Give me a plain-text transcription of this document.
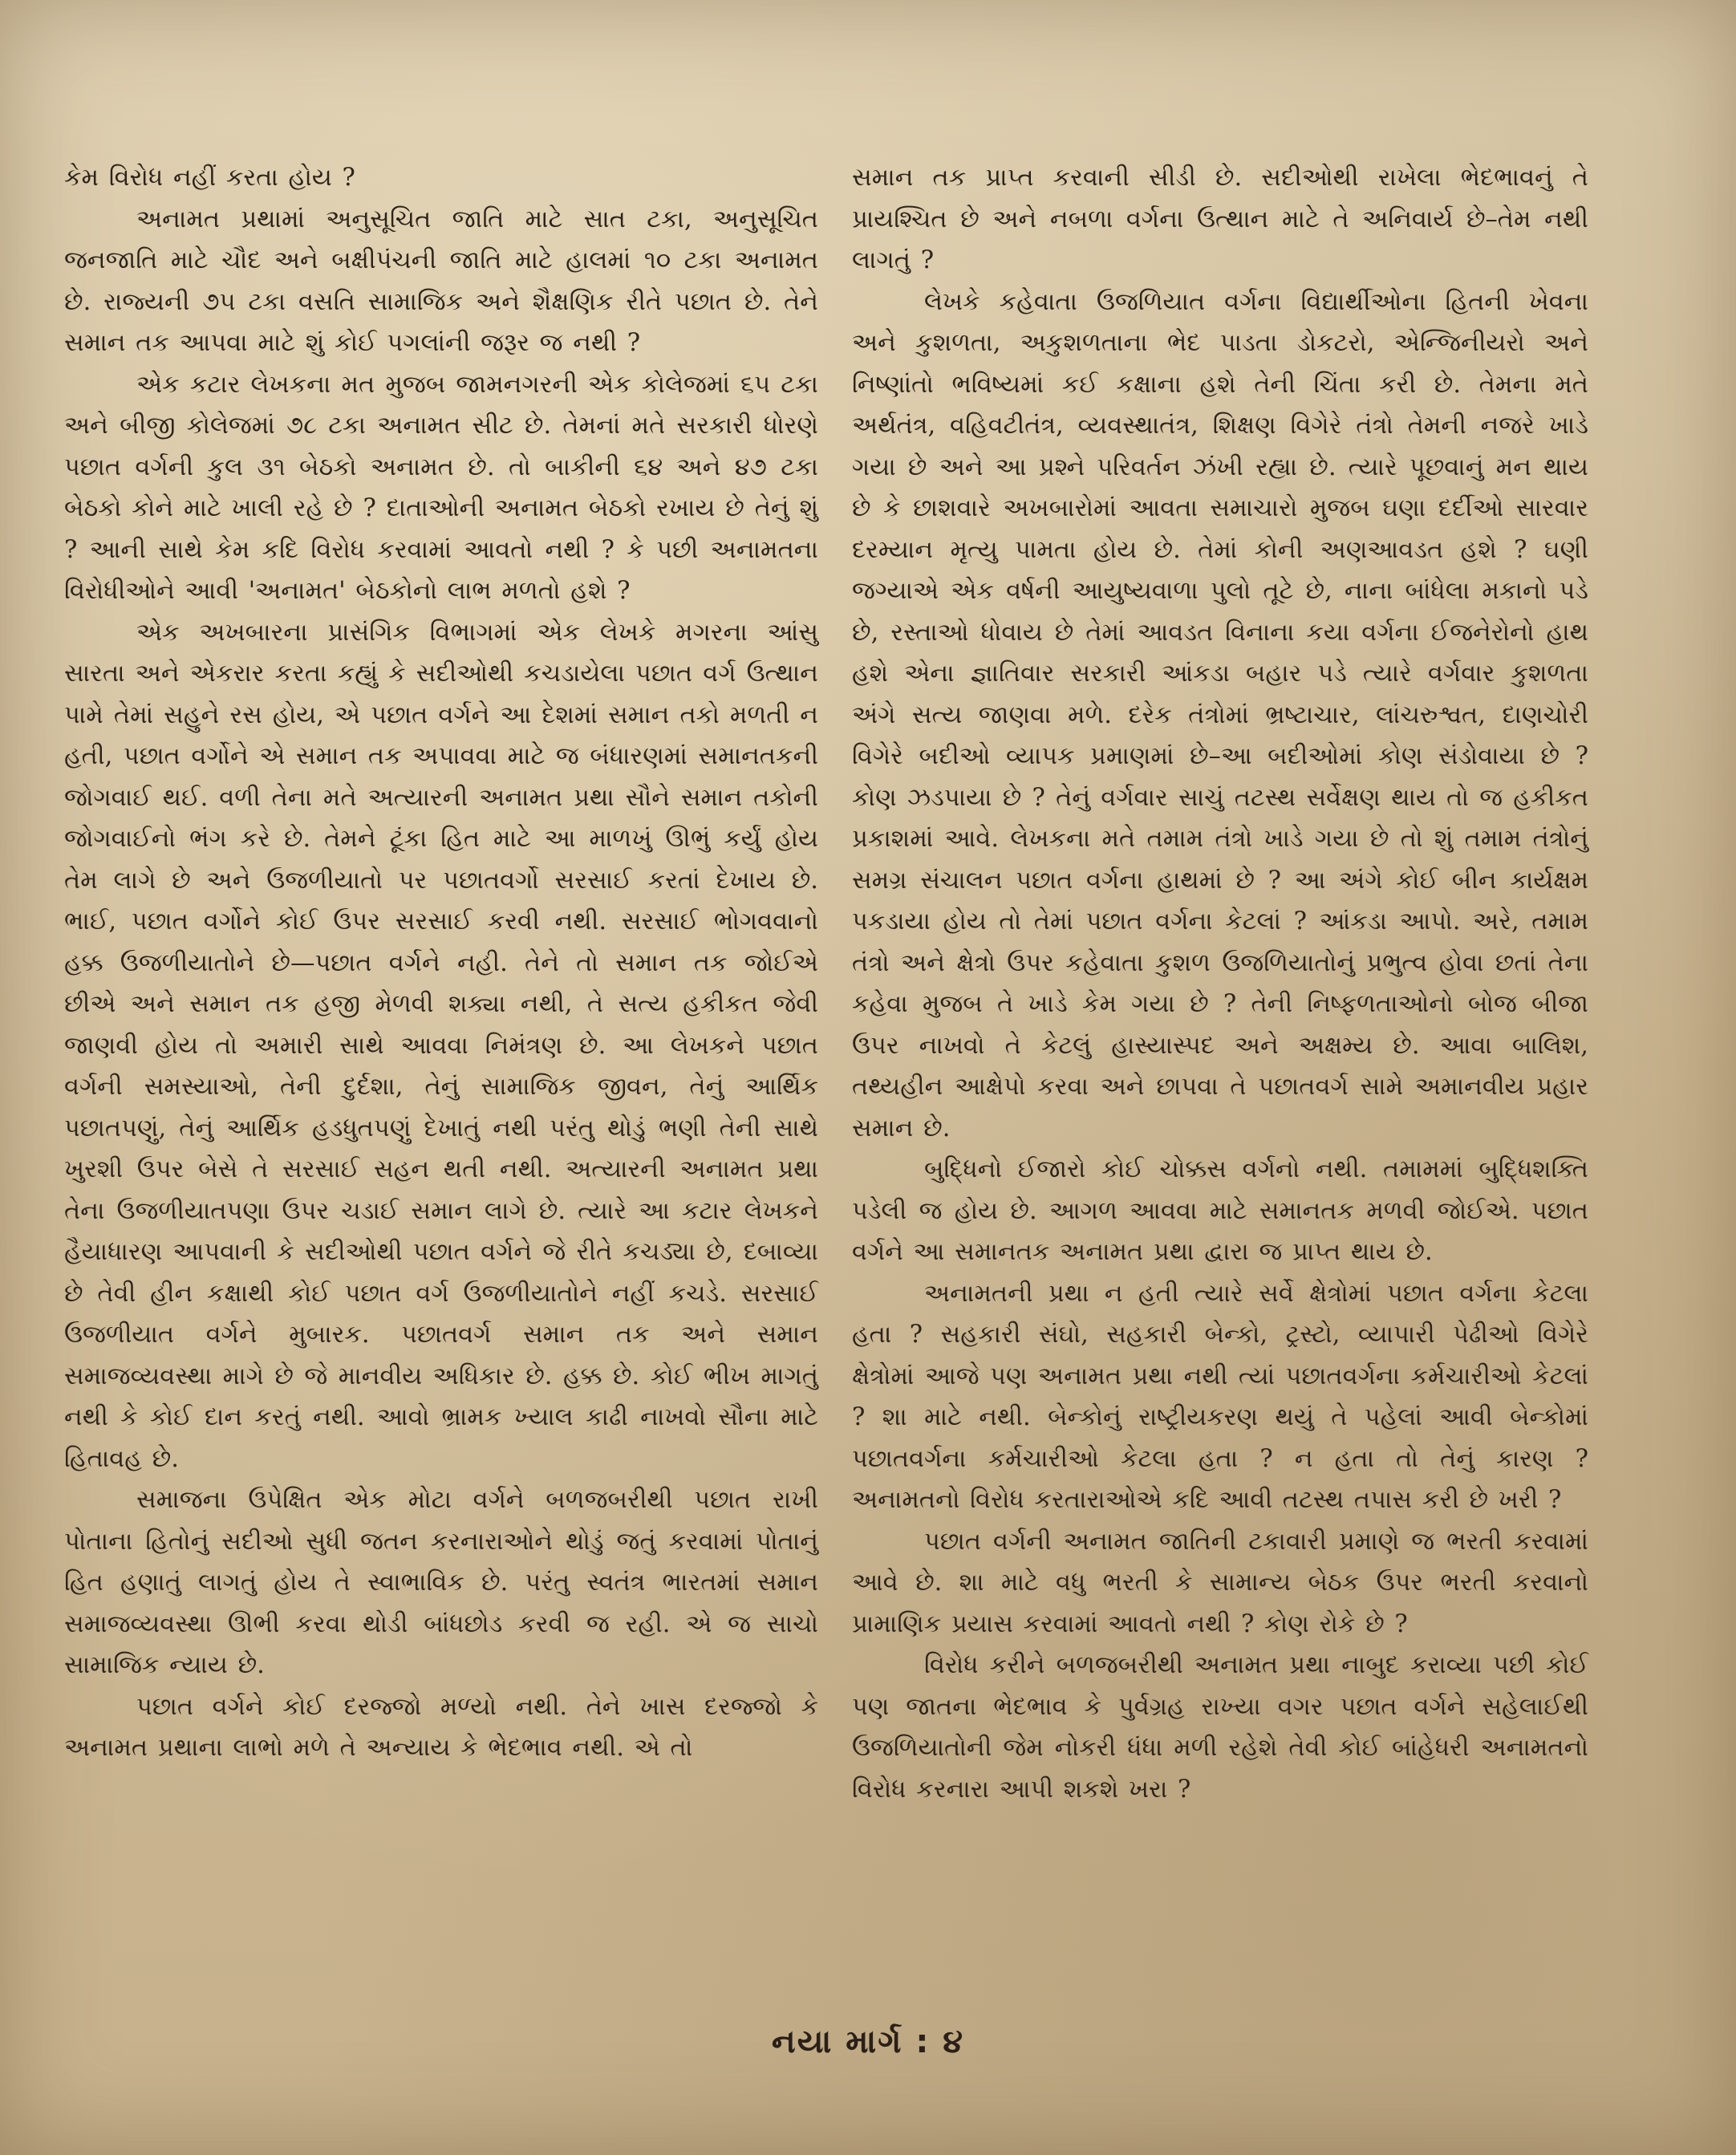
કેમ વિરોધ નહીં કરતા હોય ?

અનામત પ્રથામાં અનુસૂચિત જાતિ માટે સાત ટકા, અનુસૂચિત જનજાતિ માટે ચૌદ અને બક્ષીપંચની જાતિ માટે હાલમાં ૧૦ ટકા અનામત છે. રાજ્યની ૭૫ ટકા વસતિ સામાજિક અને શૈક્ષણિક રીતે પછાત છે. તેને સમાન તક આપવા માટે શું કોઈ પગલાંની જરૂર જ નથી ?

એક કટાર લેખકના મત મુજબ જામનગરની એક કોલેજમાં ૬૫ ટકા અને બીજી કોલેજમાં ૭૮ ટકા અનામત સીટ છે. તેમનાં મતે સરકારી ધોરણે પછાત વર્ગની કુલ ૩૧ બેઠકો અનામત છે. તો બાકીની ૬૪ અને ૪૭ ટકા બેઠકો કોને માટે ખાલી રહે છે ? દાતાઓની અનામત બેઠકો રખાય છે તેનું શું ? આની સાથે કેમ કદિ વિરોધ કરવામાં આવતો નથી ? કે પછી અનામતના વિરોધીઓને આવી 'અનામત' બેઠકોનો લાભ મળતો હશે ?

એક અખબારના પ્રાસંગિક વિભાગમાં એક લેખકે મગરના આંસુ સારતા અને એકરાર કરતા કહ્યું કે સદીઓથી કચડાયેલા પછાત વર્ગ ઉત્થાન પામે તેમાં સહુને રસ હોય, એ પછાત વર્ગને આ દેશમાં સમાન તકો મળતી ન હતી, પછાત વર્ગોને એ સમાન તક અપાવવા માટે જ બંધારણમાં સમાનતકની જોગવાઈ થઈ. વળી તેના મતે અત્યારની અનામત પ્રથા સૌને સમાન તકોની જોગવાઈનો ભંગ કરે છે. તેમને ટૂંકા હિત માટે આ માળખું ઊભું કર્યું હોય તેમ લાગે છે અને ઉજળીયાતો પર પછાતવર્ગો સરસાઈ કરતાં દેખાય છે. ભાઈ, પછાત વર્ગોને કોઈ ઉપર સરસાઈ કરવી નથી. સરસાઈ ભોગવવાનો હક્ક ઉજળીયાતોને છે—પછાત વર્ગને નહી. તેને તો સમાન તક જોઈએ છીએ અને સમાન તક હજી મેળવી શક્યા નથી, તે સત્ય હકીકત જેવી જાણવી હોય તો અમારી સાથે આવવા નિમંત્રણ છે. આ લેખકને પછાત વર્ગની સમસ્યાઓ, તેની દુર્દશા, તેનું સામાજિક જીવન, તેનું આર્થિક પછાતપણું, તેનું આર્થિક હડધુતપણું દેખાતું નથી પરંતુ થોડું ભણી તેની સાથે ખુરશી ઉપર બેસે તે સરસાઈ સહન થતી નથી. અત્યારની અનામત પ્રથા તેના ઉજળીયાતપણા ઉપર ચડાઈ સમાન લાગે છે. ત્યારે આ કટાર લેખકને હૈયાધારણ આપવાની કે સદીઓથી પછાત વર્ગને જે રીતે કચડ્યા છે, દબાવ્યા છે તેવી હીન કક્ષાથી કોઈ પછાત વર્ગ ઉજળીયાતોને નહીં કચડે. સરસાઈ ઉજળીયાત વર્ગને મુબારક. પછાતવર્ગ સમાન તક અને સમાન સમાજવ્યવસ્થા માગે છે જે માનવીય અધિકાર છે. હક્ક છે. કોઈ ભીખ માગતું નથી કે કોઈ દાન કરતું નથી. આવો ભ્રામક ખ્યાલ કાઢી નાખવો સૌના માટે હિતાવહ છે.

સમાજના ઉપેક્ષિત એક મોટા વર્ગને બળજબરીથી પછાત રાખી પોતાના હિતોનું સદીઓ સુધી જતન કરનારાઓને થોડું જતું કરવામાં પોતાનું હિત હણાતું લાગતું હોય તે સ્વાભાવિક છે. પરંતુ સ્વતંત્ર ભારતમાં સમાન સમાજવ્યવસ્થા ઊભી કરવા થોડી બાંધછોડ કરવી જ રહી. એ જ સાચો સામાજિક ન્યાય છે.

પછાત વર્ગને કોઈ દરજ્જો મળ્યો નથી. તેને ખાસ દરજ્જો કે અનામત પ્રથાના લાભો મળે તે અન્યાય કે ભેદભાવ નથી. એ તો

સમાન તક પ્રાપ્ત કરવાની સીડી છે. સદીઓથી રાખેલા ભેદભાવનું તે પ્રાયશ્ચિત છે અને નબળા વર્ગના ઉત્થાન માટે તે અનિવાર્ય છે–તેમ નથી લાગતું ?

લેખકે કહેવાતા ઉજળિયાત વર્ગના વિદ્યાર્થીઓના હિતની ખેવના અને કુશળતા, અકુશળતાના ભેદ પાડતા ડોકટરો, એન્જિનીયરો અને નિષ્ણાંતો ભવિષ્યમાં કઈ કક્ષાના હશે તેની ચિંતા કરી છે. તેમના મતે અર્થતંત્ર, વહિવટીતંત્ર, વ્યવસ્થાતંત્ર, શિક્ષણ વિગેરે તંત્રો તેમની નજરે ખાડે ગયા છે અને આ પ્રશ્ને પરિવર્તન ઝંખી રહ્યા છે. ત્યારે પૂછવાનું મન થાય છે કે છાશવારે અખબારોમાં આવતા સમાચારો મુજબ ઘણા દર્દીઓ સારવાર દરમ્યાન મૃત્યુ પામતા હોય છે. તેમાં કોની અણઆવડત હશે ? ઘણી જગ્યાએ એક વર્ષની આયુષ્યવાળા પુલો તૂટે છે, નાના બાંધેલા મકાનો પડે છે, રસ્તાઓ ધોવાય છે તેમાં આવડત વિનાના કયા વર્ગના ઈજનેરોનો હાથ હશે એના જ્ઞાતિવાર સરકારી આંકડા બહાર પડે ત્યારે વર્ગવાર કુશળતા અંગે સત્ય જાણવા મળે. દરેક તંત્રોમાં ભ્રષ્ટાચાર, લાંચરુશ્વત, દાણચોરી વિગેરે બદીઓ વ્યાપક પ્રમાણમાં છે–આ બદીઓમાં કોણ સંડોવાયા છે ? કોણ ઝડપાયા છે ? તેનું વર્ગવાર સાચું તટસ્થ સર્વેક્ષણ થાય તો જ હકીકત પ્રકાશમાં આવે. લેખકના મતે તમામ તંત્રો ખાડે ગયા છે તો શું તમામ તંત્રોનું સમગ્ર સંચાલન પછાત વર્ગના હાથમાં છે ? આ અંગે કોઈ બીન કાર્યક્ષમ પકડાયા હોય તો તેમાં પછાત વર્ગના કેટલાં ? આંકડા આપો. અરે, તમામ તંત્રો અને ક્ષેત્રો ઉપર કહેવાતા કુશળ ઉજળિયાતોનું પ્રભુત્વ હોવા છતાં તેના કહેવા મુજબ તે ખાડે કેમ ગયા છે ? તેની નિષ્ફળતાઓનો બોજ બીજા ઉપર નાખવો તે કેટલું હાસ્યાસ્પદ અને અક્ષમ્ય છે. આવા બાલિશ, તથ્યહીન આક્ષેપો કરવા અને છાપવા તે પછાતવર્ગ સામે અમાનવીય પ્રહાર સમાન છે.

બુદ્ધિનો ઈજારો કોઈ ચોક્કસ વર્ગનો નથી. તમામમાં બુદ્ધિશક્તિ પડેલી જ હોય છે. આગળ આવવા માટે સમાનતક મળવી જોઈએ. પછાત વર્ગને આ સમાનતક અનામત પ્રથા દ્વારા જ પ્રાપ્ત થાય છે.

અનામતની પ્રથા ન હતી ત્યારે સર્વે ક્ષેત્રોમાં પછાત વર્ગના કેટલા હતા ? સહકારી સંઘો, સહકારી બેન્કો, ટ્રસ્ટો, વ્યાપારી પેઢીઓ વિગેરે ક્ષેત્રોમાં આજે પણ અનામત પ્રથા નથી ત્યાં પછાતવર્ગના કર્મચારીઓ કેટલાં ? શા માટે નથી. બેન્કોનું રાષ્ટ્રીયકરણ થયું તે પહેલાં આવી બેન્કોમાં પછાતવર્ગના કર્મચારીઓ કેટલા હતા ? ન હતા તો તેનું કારણ ? અનામતનો વિરોધ કરતારાઓએ કદિ આવી તટસ્થ તપાસ કરી છે ખરી ?

પછાત વર્ગની અનામત જાતિની ટકાવારી પ્રમાણે જ ભરતી કરવામાં આવે છે. શા માટે વધુ ભરતી કે સામાન્ય બેઠક ઉપર ભરતી કરવાનો પ્રામાણિક પ્રયાસ કરવામાં આવતો નથી ? કોણ રોકે છે ?

વિરોધ કરીને બળજબરીથી અનામત પ્રથા નાબુદ કરાવ્યા પછી કોઈ પણ જાતના ભેદભાવ કે પુર્વગ્રહ રાખ્યા વગર પછાત વર્ગને સહેલાઈથી ઉજળિયાતોની જેમ નોકરી ધંધા મળી રહેશે તેવી કોઈ બાંહેધરી અનામતનો વિરોધ કરનારા આપી શકશે ખરા ?

નયા માર્ગ : ૪
